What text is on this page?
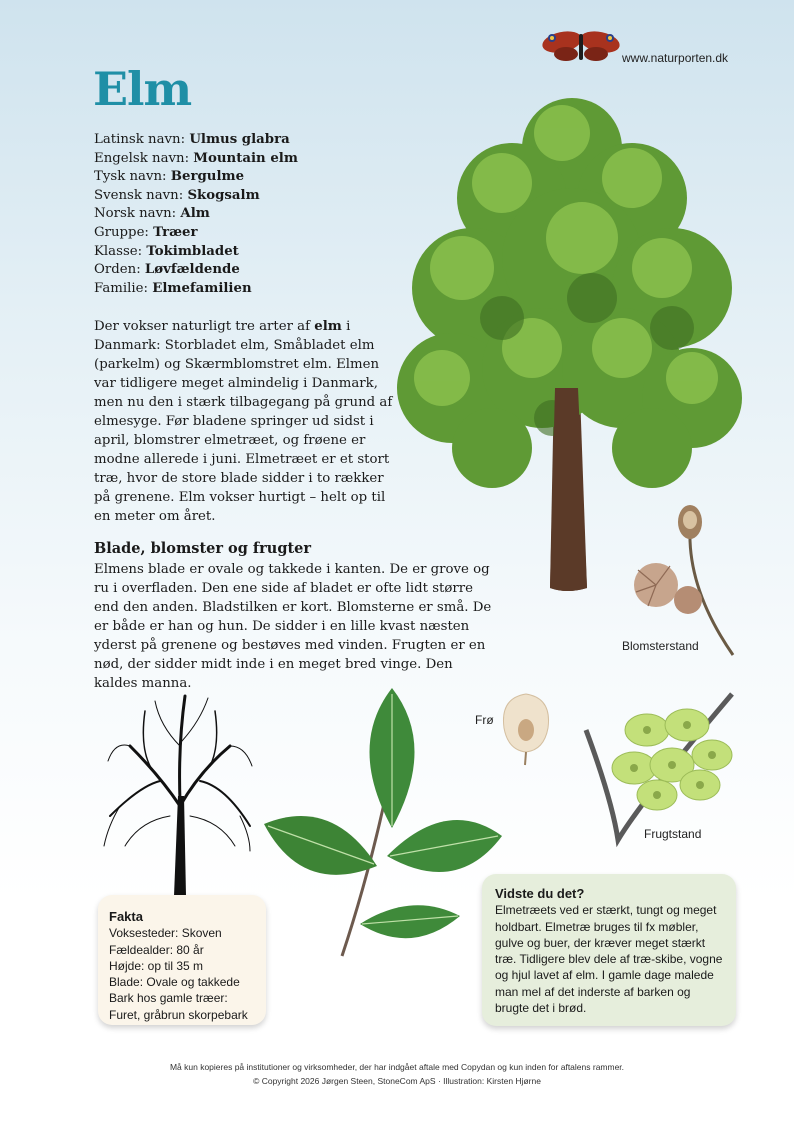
www.naturporten.dk
Elm
Latinsk navn: Ulmus glabra
Engelsk navn: Mountain elm
Tysk navn: Bergulme
Svensk navn: Skogsalm
Norsk navn: Alm
Gruppe: Træer
Klasse: Tokimbladet
Orden: Løvfældende
Familie: Elmefamilien
Der vokser naturligt tre arter af elm i Danmark: Storbladet elm, Småbladet elm (parkelm) og Skærmblomstret elm. Elmen var tidligere meget almindelig i Danmark, men nu den i stærk tilbagegang på grund af elmesyge. Før bladene springer ud sidst i april, blomstrer elmetræet, og frøene er modne allerede i juni. Elmetræet er et stort træ, hvor de store blade sidder i to rækker på grenene. Elm vokser hurtigt – helt op til en meter om året.
Blade, blomster og frugter
Elmens blade er ovale og takkede i kanten. De er grove og ru i overfladen. Den ene side af bladet er ofte lidt større end den anden. Bladstilken er kort. Blomsterne er små. De er både er han og hun. De sidder i en lille kvast næsten yderst på grenene og bestøves med vinden. Frugten er en nød, der sidder midt inde i en meget bred vinge. Den kaldes manna.
Blomsterstand
Frø
Frugtstand
Fakta
Voksesteder: Skoven
Fældealder: 80 år
Højde: op til 35 m
Blade: Ovale og takkede
Bark hos gamle træer:
Furet, gråbrun skorpebark
Vidste du det?
Elmetræets ved er stærkt, tungt og meget holdbart. Elmetræ bruges til fx møbler, gulve og buer, der kræver meget stærkt træ. Tidligere blev dele af træ-skibe, vogne og hjul lavet af elm. I gamle dage malede man mel af det inderste af barken og brugte det i brød.
Må kun kopieres på institutioner og virksomheder, der har indgået aftale med Copydan og kun inden for aftalens rammer.
© Copyright 2026 Jørgen Steen, StoneCom ApS · Illustration: Kirsten Hjørne
